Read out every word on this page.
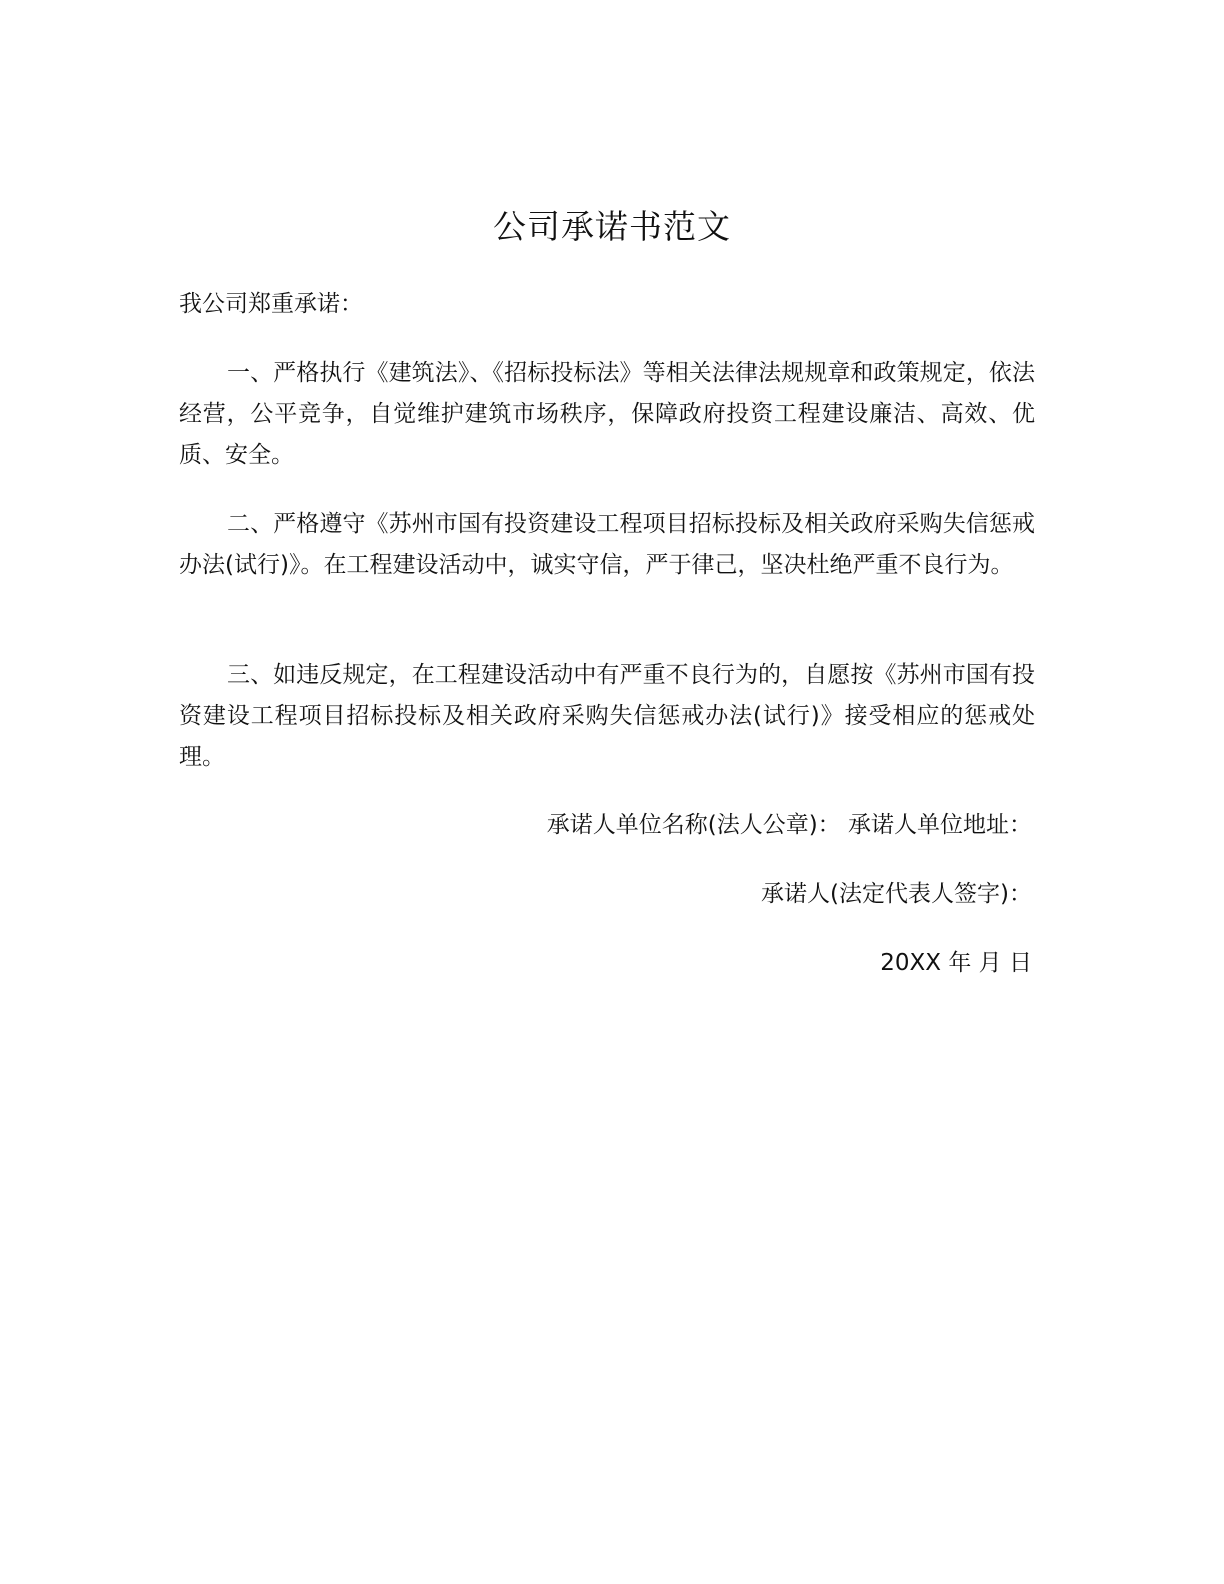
公司承诺书范文

我公司郑重承诺：

一、严格执行《建筑法》、《招标投标法》等相关法律法规规章和政策规定，依法经营，公平竞争，自觉维护建筑市场秩序，保障政府投资工程建设廉洁、高效、优质、安全。

二、严格遵守《苏州市国有投资建设工程项目招标投标及相关政府采购失信惩戒办法(试行)》。在工程建设活动中，诚实守信，严于律己，坚决杜绝严重不良行为。

三、如违反规定，在工程建设活动中有严重不良行为的，自愿按《苏州市国有投资建设工程项目招标投标及相关政府采购失信惩戒办法(试行)》接受相应的惩戒处理。

承诺人单位名称(法人公章)： 承诺人单位地址：
承诺人(法定代表人签字)：
20XX 年 月 日
